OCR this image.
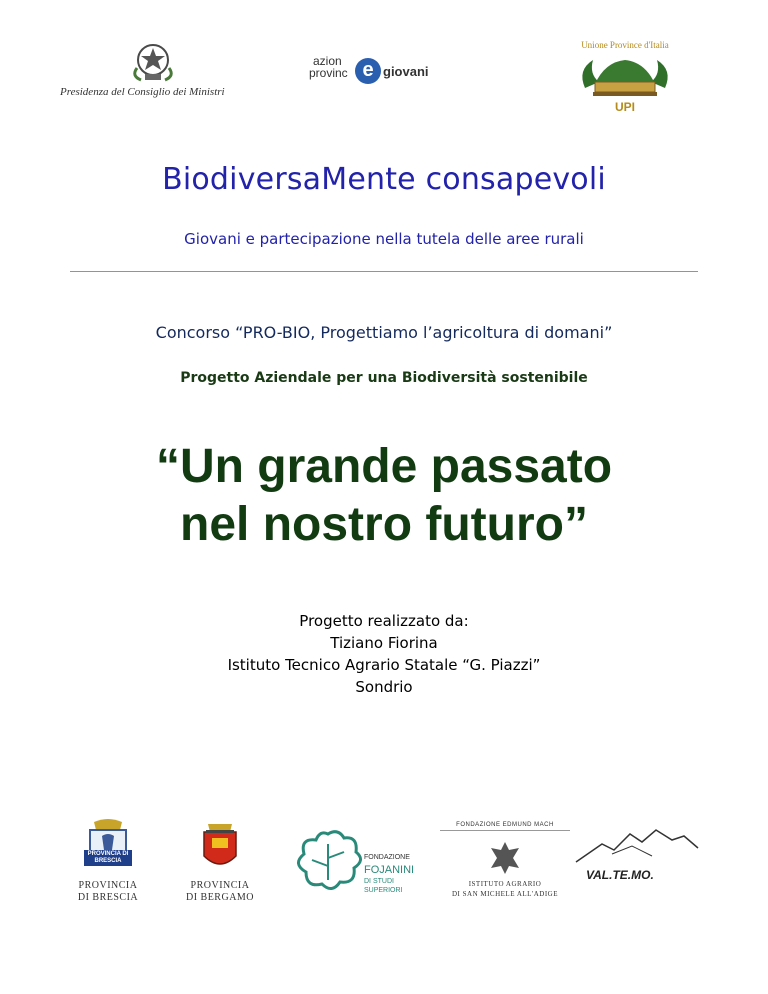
Presidenza del Consiglio dei Ministri
azion
provinc e giovani
Unione Province d'Italia
UPI
BiodiversaMente consapevoli
Giovani e partecipazione nella tutela delle aree rurali
Concorso “PRO-BIO, Progettiamo l’agricoltura di domani”
Progetto Aziendale per una Biodiversità sostenibile
“Un grande passato
nel nostro futuro”
Progetto realizzato da:
Tiziano Fiorina
Istituto Tecnico Agrario Statale “G. Piazzi”
Sondrio
PROVINCIA DI BRESCIA
PROVINCIA
DI BRESCIA
PROVINCIA
DI BERGAMO
FONDAZIONE
FOJANINI
DI STUDI
SUPERIORI
FONDAZIONE EDMUND MACH
ISTITUTO AGRARIO
DI SAN MICHELE ALL'ADIGE
VAL.TE.MO.
